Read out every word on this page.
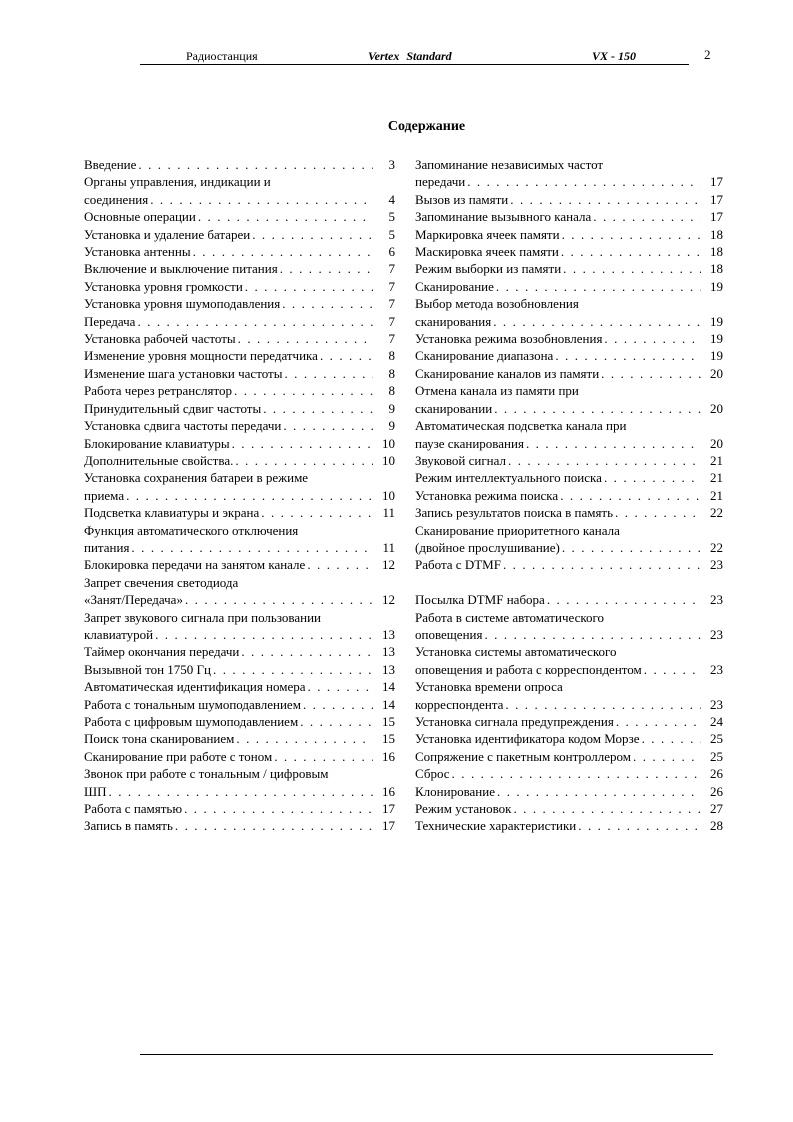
Радиостанция	Vertex Standard	VX - 150	2
Содержание
Введение . . .	3
Органы управления, индикации и
соединения . . .	4
Основные операции . . .	5
Установка и удаление батареи . . .	5
Установка антенны . . .	6
Включение и выключение питания . . .	7
Установка уровня громкости . . .	7
Установка уровня шумоподавления . . .	7
Передача . . .	7
Установка рабочей частоты . . .	7
Изменение уровня мощности передатчика . . .	8
Изменение шага установки частоты . . .	8
Работа через ретранслятор . . .	8
Принудительный сдвиг частоты . . .	9
Установка сдвига частоты передачи . . .	9
Блокирование клавиатуры . . .	10
Дополнительные свойства. . . .	10
Установка сохранения батареи в режиме
приема . . .	10
Подсветка клавиатуры и экрана . . .	11
Функция автоматического отключения
питания . . .	11
Блокировка передачи на занятом канале . . .	12
Запрет свечения светодиода
«Занят/Передача» . . .	12
Запрет звукового сигнала при пользовании
клавиатурой . . .	13
Таймер окончания передачи . . .	13
Вызывной тон 1750 Гц . . .	13
Автоматическая идентификация номера . . .	14
Работа с тональным шумоподавлением . . .	14
Работа с цифровым шумоподавлением . . .	15
Поиск тона сканированием . . .	15
Сканирование при работе с тоном . . .	16
Звонок при работе с тональным / цифровым
ШП . . .	16
Работа с памятью . . .	17
Запись в память . . .	17
Запоминание независимых частот
передачи . . .	17
Вызов из памяти . . .	17
Запоминание вызывного канала . . .	17
Маркировка ячеек памяти . . .	18
Маскировка ячеек памяти . . .	18
Режим выборки из памяти . . .	18
Сканирование . . .	19
Выбор метода возобновления
сканирования . . .	19
Установка режима возобновления . . .	19
Сканирование диапазона . . .	19
Сканирование каналов из памяти . . .	20
Отмена канала из памяти при
сканировании . . .	20
Автоматическая подсветка канала при
паузе сканирования . . .	20
Звуковой сигнал . . .	21
Режим интеллектуального поиска . . .	21
Установка режима поиска . . .	21
Запись результатов поиска в память . . .	22
Сканирование приоритетного канала
(двойное прослушивание) . . .	22
Работа с DTMF . . .	23
Посылка DTMF набора . . .	23
Работа в системе автоматического
оповещения . . .	23
Установка системы автоматического
оповещения и работа с корреспондентом . . .	23
Установка времени опроса
корреспондента . . .	23
Установка сигнала предупреждения . . .	24
Установка идентификатора кодом Морзе . . .	25
Сопряжение с пакетным контроллером . . .	25
Сброс . . .	26
Клонирование . . .	26
Режим установок . . .	27
Технические характеристики . . .	28
